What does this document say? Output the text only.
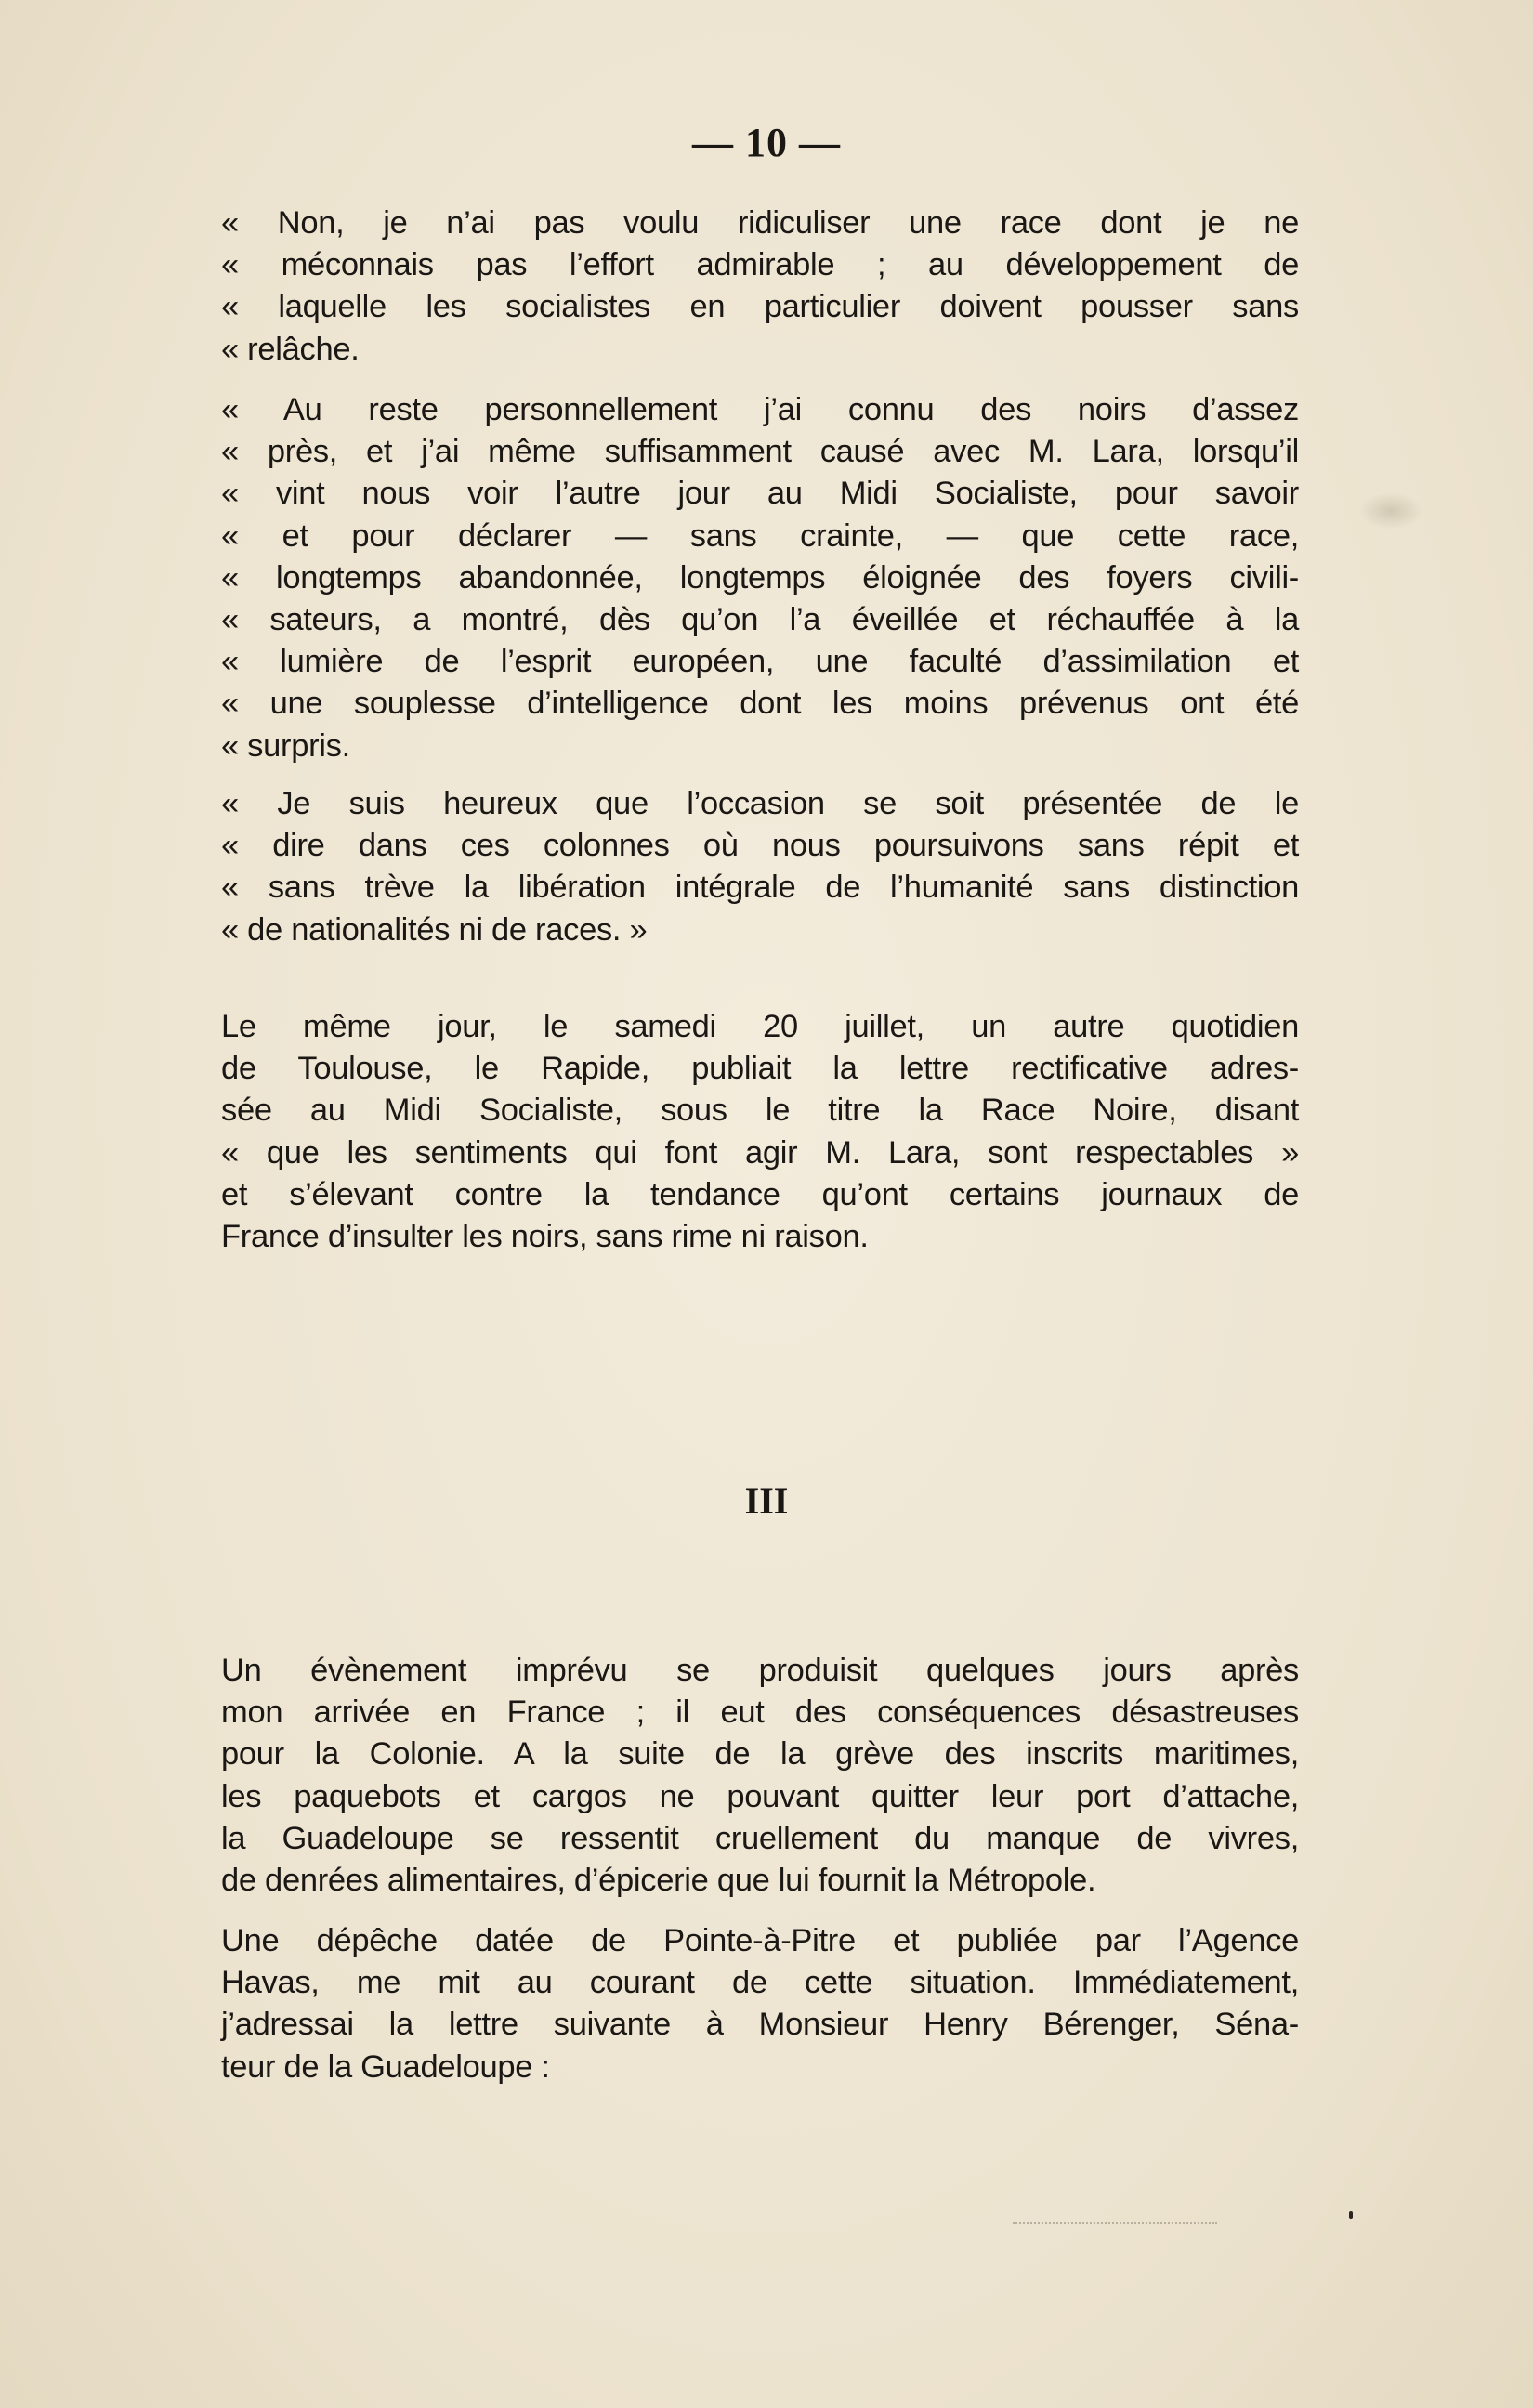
— 10 —
« Non, je n’ai pas voulu ridiculiser une race dont je ne
« méconnais pas l’effort admirable ; au développement de
« laquelle les socialistes en particulier doivent pousser sans
« relâche.
« Au reste personnellement j’ai connu des noirs d’assez
« près, et j’ai même suffisamment causé avec M. Lara, lorsqu’il
« vint nous voir l’autre jour au Midi Socialiste, pour savoir
« et pour déclarer — sans crainte, — que cette race,
« longtemps abandonnée, longtemps éloignée des foyers civili-
« sateurs, a montré, dès qu’on l’a éveillée et réchauffée à la
« lumière de l’esprit européen, une faculté d’assimilation et
« une souplesse d’intelligence dont les moins prévenus ont été
« surpris.
« Je suis heureux que l’occasion se soit présentée de le
« dire dans ces colonnes où nous poursuivons sans répit et
« sans trève la libération intégrale de l’humanité sans distinction
« de nationalités ni de races. »
Le même jour, le samedi 20 juillet, un autre quotidien
de Toulouse, le Rapide, publiait la lettre rectificative adres-
sée au Midi Socialiste, sous le titre la Race Noire, disant
« que les sentiments qui font agir M. Lara, sont respectables »
et s’élevant contre la tendance qu’ont certains journaux de
France d’insulter les noirs, sans rime ni raison.
III
Un évènement imprévu se produisit quelques jours après
mon arrivée en France ; il eut des conséquences désastreuses
pour la Colonie. A la suite de la grève des inscrits maritimes,
les paquebots et cargos ne pouvant quitter leur port d’attache,
la Guadeloupe se ressentit cruellement du manque de vivres,
de denrées alimentaires, d’épicerie que lui fournit la Métropole.
Une dépêche datée de Pointe-à-Pitre et publiée par l’Agence
Havas, me mit au courant de cette situation. Immédiatement,
j’adressai la lettre suivante à Monsieur Henry Bérenger, Séna-
teur de la Guadeloupe :
